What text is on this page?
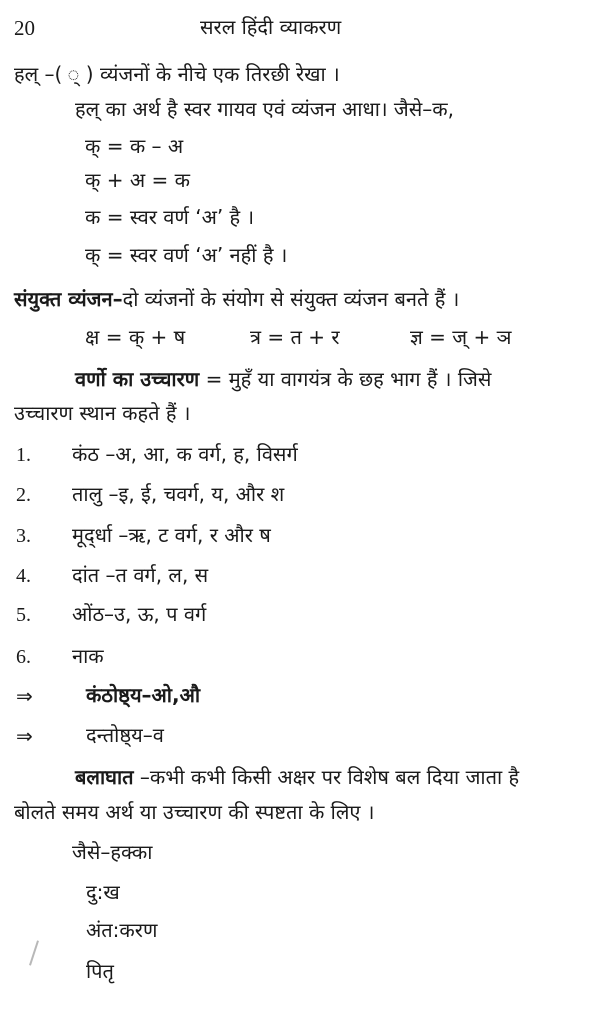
20	सरल हिंदी व्याकरण
हल् –( ् ) व्यंजनों के नीचे एक तिरछी रेखा ।
हल् का अर्थ है स्वर गायव एवं व्यंजन आधा। जैसे–क,
क् = क – अ
क् + अ = क
क = स्वर वर्ण ‘अ’ है ।
क् = स्वर वर्ण ‘अ’ नहीं है ।
संयुक्त व्यंजन–दो व्यंजनों के संयोग से संयुक्त व्यंजन बनते हैं ।
क्ष = क् + ष	त्र = त + र	ज्ञ = ज् + ञ
वर्णो का उच्चारण = मुहँ या वागयंत्र के छह भाग हैं । जिसे
उच्चारण स्थान कहते हैं ।
1. कंठ –अ, आ, क वर्ग, ह, विसर्ग
2. तालु –इ, ई, चवर्ग, य, और श
3. मूद्‌र्धा –ऋ, ट वर्ग, र और ष
4. दांत –त वर्ग, ल, स
5. ओंठ–उ, ऊ, प वर्ग
6. नाक
⇒	कंठोष्ठ्य–ओ,औ
⇒	दन्तोष्ठ्य–व
बलाघात –कभी कभी किसी अक्षर पर विशेष बल दिया जाता है
बोलते समय अर्थ या उच्चारण की स्पष्टता के लिए ।
जैसे–हक्का
दु:ख
अंत:करण
पितृ
